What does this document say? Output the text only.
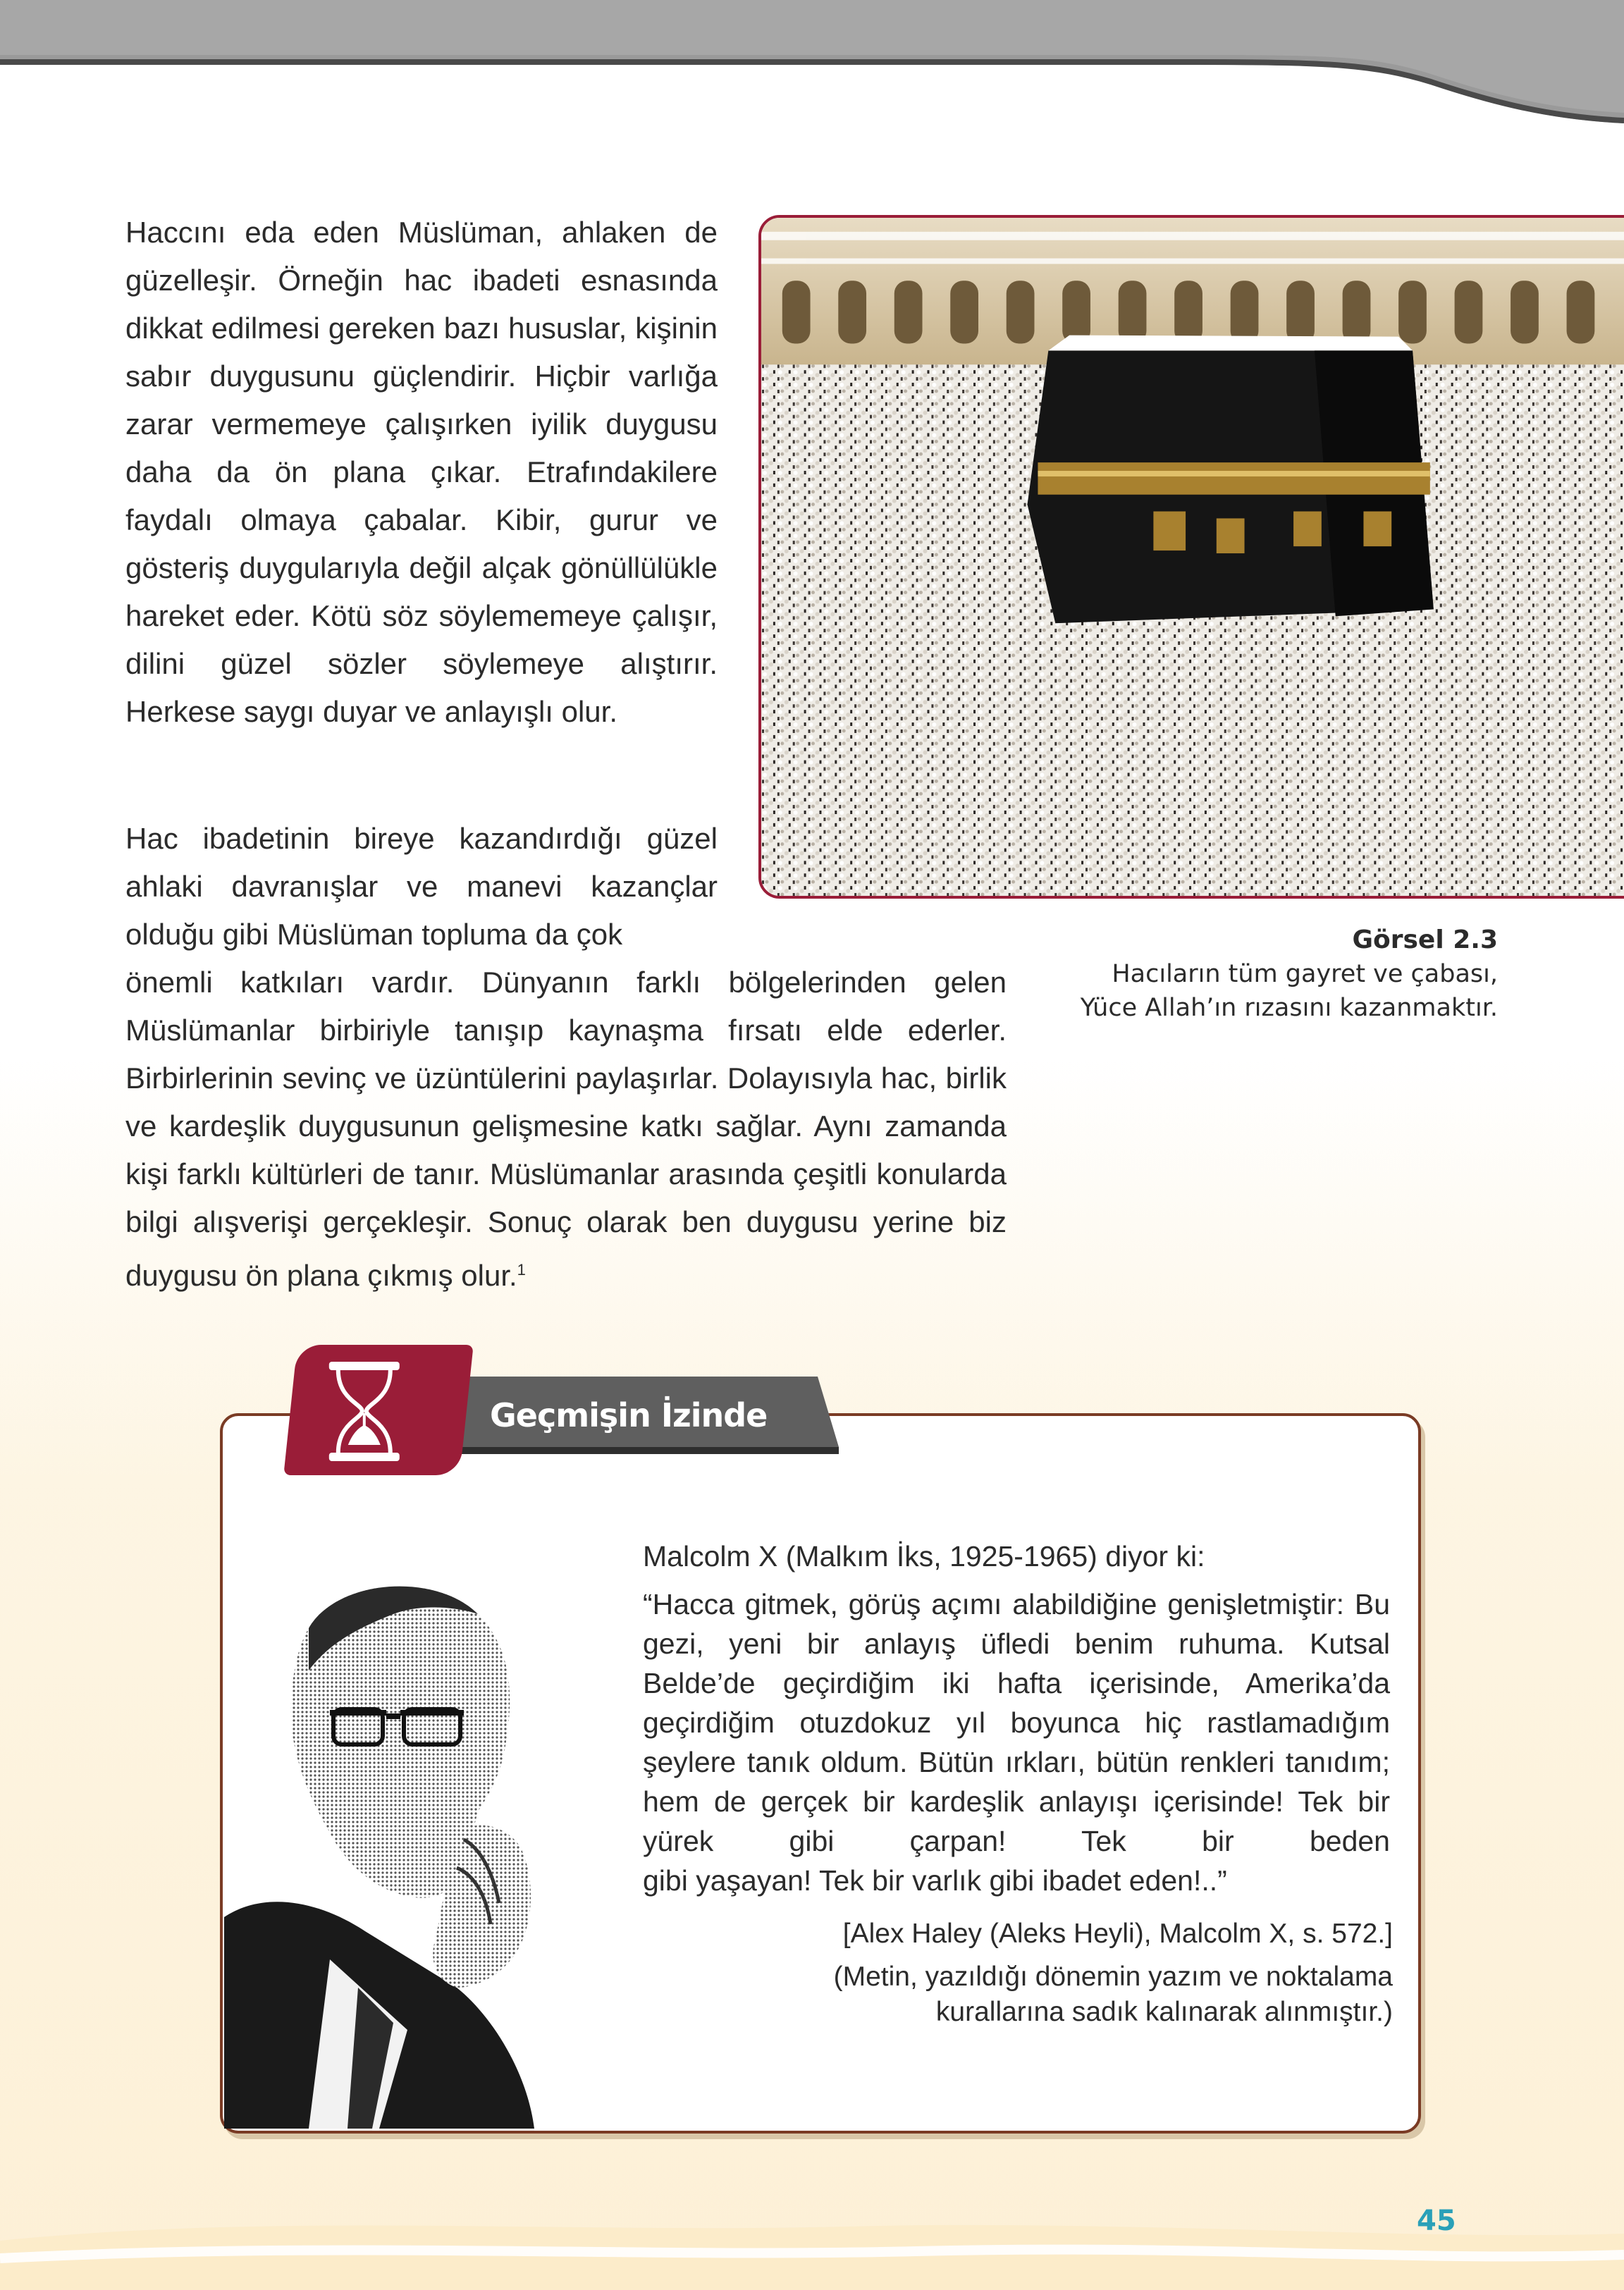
Haccını eda eden Müslüman, ahlaken de güzelleşir. Örneğin hac ibadeti esnasında dikkat edilmesi gereken bazı hususlar, kişinin sabır duygusunu güçlendirir. Hiçbir varlığa zarar vermemeye çalışırken iyilik duygusu daha da ön plana çıkar. Etrafındakilere faydalı olmaya çabalar. Kibir, gurur ve gösteriş duygularıyla değil alçak gönüllülükle hareket eder. Kötü söz söylememeye çalışır, dilini güzel sözler söylemeye alıştırır. Herkese saygı duyar ve anlayışlı olur.

Görsel 2.3
Hacıların tüm gayret ve çabası,
Yüce Allah’ın rızasını kazanmaktır.

Hac ibadetinin bireye kazandırdığı güzel ahlaki davranışlar ve manevi kazançlar olduğu gibi Müslüman topluma da çok

önemli katkıları vardır. Dünyanın farklı bölgelerinden gelen Müslümanlar birbiriyle tanışıp kaynaşma fırsatı elde ederler. Birbirlerinin sevinç ve üzüntülerini paylaşırlar. Dolayısıyla hac, birlik ve kardeşlik duygusunun gelişmesine katkı sağlar. Aynı zamanda kişi farklı kültürleri de tanır. Müslümanlar arasında çeşitli konularda bilgi alışverişi gerçekleşir. Sonuç olarak ben duygusu yerine biz duygusu ön plana çıkmış olur.$^1$

Geçmişin İzinde

Malcolm X (Malkım İks, 1925-1965) diyor ki:

“Hacca gitmek, görüş açımı alabildiğine genişletmiştir: Bu gezi, yeni bir anlayış üfledi benim ruhuma. Kutsal Belde’de geçirdiğim iki hafta içerisinde, Amerika’da geçirdiğim otuzdokuz yıl boyunca hiç rastlamadığım şeylere tanık oldum. Bütün ırkları, bütün renkleri tanıdım; hem de gerçek bir kardeşlik anlayışı içerisinde! Tek bir yürek gibi çarpan! Tek bir beden
gibi yaşayan! Tek bir varlık gibi ibadet eden!..”

[Alex Haley (Aleks Heyli), Malcolm X, s. 572.]

(Metin, yazıldığı dönemin yazım ve noktalama
kurallarına sadık kalınarak alınmıştır.)

45
